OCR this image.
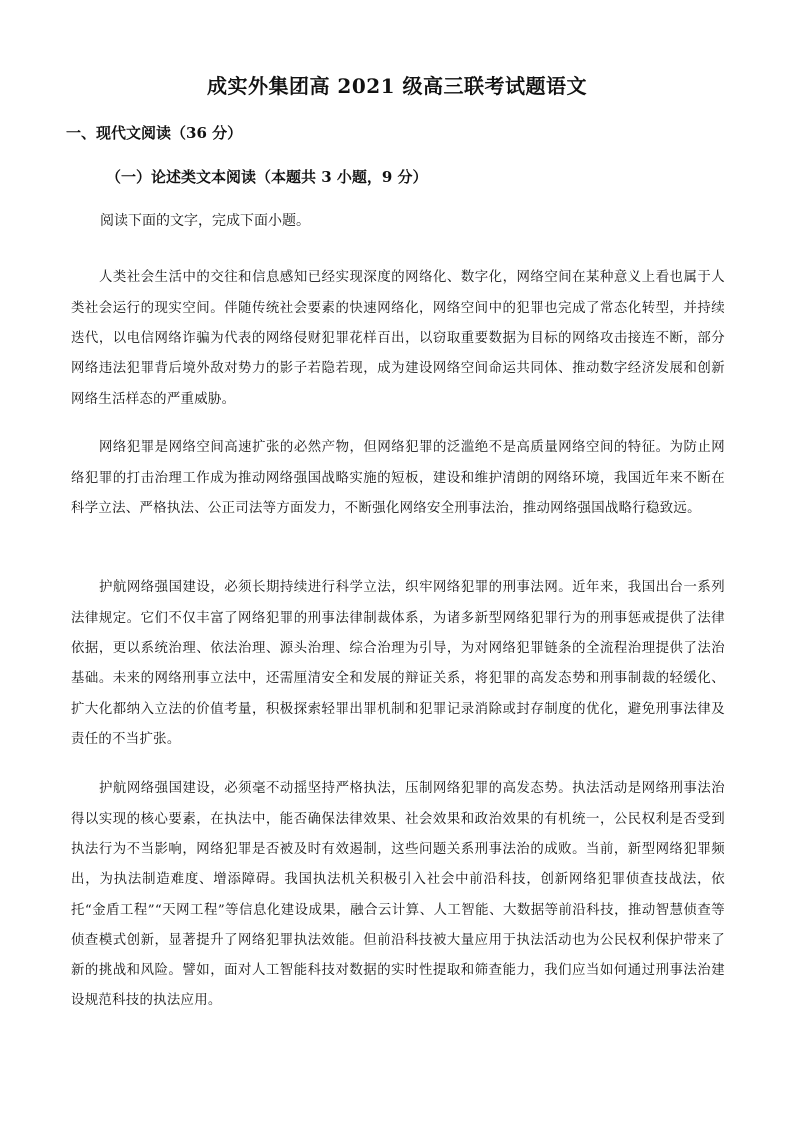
成实外集团高 2021 级高三联考试题语文
一、现代文阅读（36 分）
（一）论述类文本阅读（本题共 3 小题，9 分）
阅读下面的文字，完成下面小题。

人类社会生活中的交往和信息感知已经实现深度的网络化、数字化，网络空间在某种意义上看也属于人类社会运行的现实空间。伴随传统社会要素的快速网络化，网络空间中的犯罪也完成了常态化转型，并持续迭代，以电信网络诈骗为代表的网络侵财犯罪花样百出，以窃取重要数据为目标的网络攻击接连不断，部分网络违法犯罪背后境外敌对势力的影子若隐若现，成为建设网络空间命运共同体、推动数字经济发展和创新网络生活样态的严重威胁。

网络犯罪是网络空间高速扩张的必然产物，但网络犯罪的泛滥绝不是高质量网络空间的特征。为防止网络犯罪的打击治理工作成为推动网络强国战略实施的短板，建设和维护清朗的网络环境，我国近年来不断在科学立法、严格执法、公正司法等方面发力，不断强化网络安全刑事法治，推动网络强国战略行稳致远。

护航网络强国建设，必须长期持续进行科学立法，织牢网络犯罪的刑事法网。近年来，我国出台一系列法律规定。它们不仅丰富了网络犯罪的刑事法律制裁体系，为诸多新型网络犯罪行为的刑事惩戒提供了法律依据，更以系统治理、依法治理、源头治理、综合治理为引导，为对网络犯罪链条的全流程治理提供了法治基础。未来的网络刑事立法中，还需厘清安全和发展的辩证关系，将犯罪的高发态势和刑事制裁的轻缓化、扩大化都纳入立法的价值考量，积极探索轻罪出罪机制和犯罪记录消除或封存制度的优化，避免刑事法律及责任的不当扩张。

护航网络强国建设，必须毫不动摇坚持严格执法，压制网络犯罪的高发态势。执法活动是网络刑事法治得以实现的核心要素，在执法中，能否确保法律效果、社会效果和政治效果的有机统一，公民权利是否受到执法行为不当影响，网络犯罪是否被及时有效遏制，这些问题关系刑事法治的成败。当前，新型网络犯罪频出，为执法制造难度、增添障碍。我国执法机关积极引入社会中前沿科技，创新网络犯罪侦查技战法，依托“金盾工程”“天网工程”等信息化建设成果，融合云计算、人工智能、大数据等前沿科技，推动智慧侦查等侦查模式创新，显著提升了网络犯罪执法效能。但前沿科技被大量应用于执法活动也为公民权利保护带来了新的挑战和风险。譬如，面对人工智能科技对数据的实时性提取和筛查能力，我们应当如何通过刑事法治建设规范科技的执法应用。
